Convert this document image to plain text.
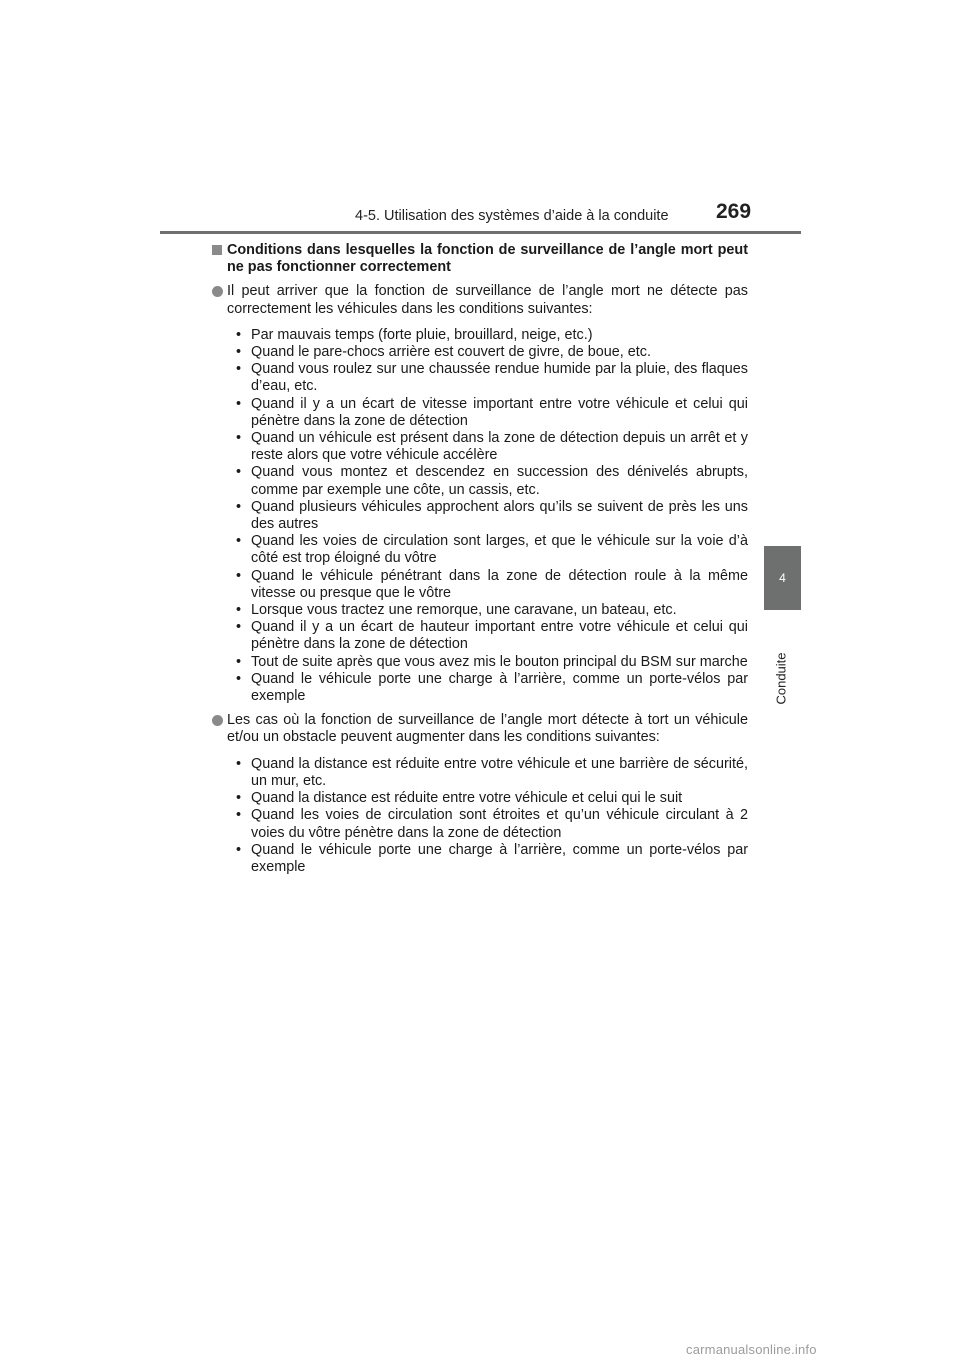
4-5. Utilisation des systèmes d’aide à la conduite 269
4
Conduite
Conditions dans lesquelles la fonction de surveillance de l’angle mort peut ne pas fonctionner correctement
Il peut arriver que la fonction de surveillance de l’angle mort ne détecte pas correctement les véhicules dans les conditions suivantes:
• Par mauvais temps (forte pluie, brouillard, neige, etc.)
• Quand le pare-chocs arrière est couvert de givre, de boue, etc.
• Quand vous roulez sur une chaussée rendue humide par la pluie, des flaques d’eau, etc.
• Quand il y a un écart de vitesse important entre votre véhicule et celui qui pénètre dans la zone de détection
• Quand un véhicule est présent dans la zone de détection depuis un arrêt et y reste alors que votre véhicule accélère
• Quand vous montez et descendez en succession des dénivelés abrupts, comme par exemple une côte, un cassis, etc.
• Quand plusieurs véhicules approchent alors qu’ils se suivent de près les uns des autres
• Quand les voies de circulation sont larges, et que le véhicule sur la voie d’à côté est trop éloigné du vôtre
• Quand le véhicule pénétrant dans la zone de détection roule à la même vitesse ou presque que le vôtre
• Lorsque vous tractez une remorque, une caravane, un bateau, etc.
• Quand il y a un écart de hauteur important entre votre véhicule et celui qui pénètre dans la zone de détection
• Tout de suite après que vous avez mis le bouton principal du BSM sur marche
• Quand le véhicule porte une charge à l’arrière, comme un porte-vélos par exemple
Les cas où la fonction de surveillance de l’angle mort détecte à tort un véhicule et/ou un obstacle peuvent augmenter dans les conditions suivantes:
• Quand la distance est réduite entre votre véhicule et une barrière de sécurité, un mur, etc.
• Quand la distance est réduite entre votre véhicule et celui qui le suit
• Quand les voies de circulation sont étroites et qu’un véhicule circulant à 2 voies du vôtre pénètre dans la zone de détection
• Quand le véhicule porte une charge à l’arrière, comme un porte-vélos par exemple
carmanualsonline.info
